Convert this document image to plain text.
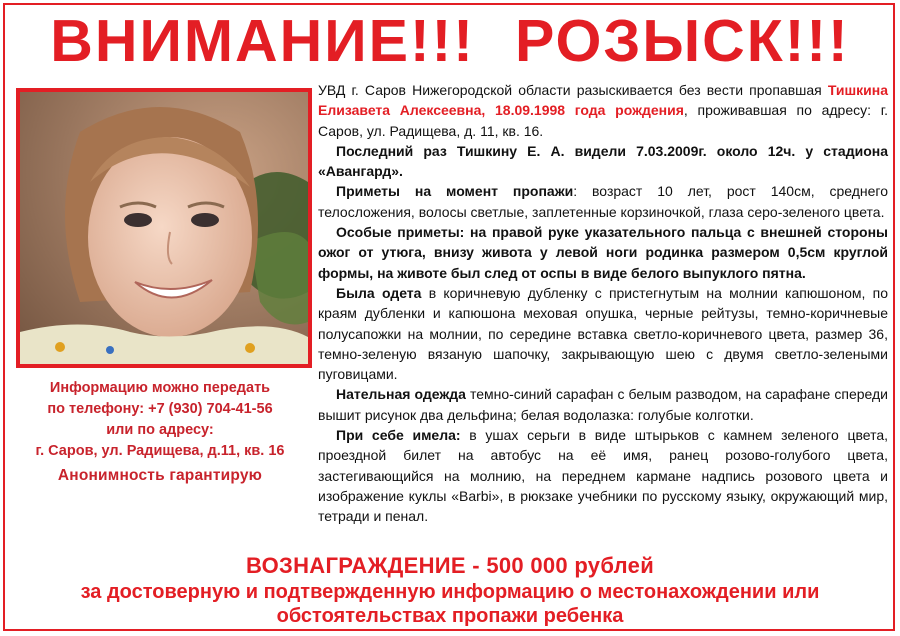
ВНИМАНИЕ!!! РОЗЫСК!!!
Информацию можно передать
по телефону: +7 (930) 704-41-56
или по адресу:
г. Саров, ул. Радищева, д.11, кв. 16
Анонимность гарантирую

УВД г. Саров Нижегородской области разыскивается без вести пропавшая Тишкина Елизавета Алексеевна, 18.09.1998 года рождения, проживавшая по адресу: г. Саров, ул. Радищева, д. 11, кв. 16.

Последний раз Тишкину Е. А. видели 7.03.2009г. около 12ч. у стадиона «Авангард».

Приметы на момент пропажи: возраст 10 лет, рост 140см, среднего телосложения, волосы светлые, заплетенные корзиночкой, глаза серо-зеленого цвета.

Особые приметы: на правой руке указательного пальца с внешней стороны ожог от утюга, внизу живота у левой ноги родинка размером 0,5см круглой формы, на животе был след от оспы в виде белого выпуклого пятна.

Была одета в коричневую дубленку с пристегнутым на молнии капюшоном, по краям дубленки и капюшона меховая опушка, черные рейтузы, темно-коричневые полусапожки на молнии, по середине вставка светло-коричневого цвета, размер 36, темно-зеленую вязаную шапочку, закрывающую шею с двумя светло-зелеными пуговицами.

Нательная одежда темно-синий сарафан с белым разводом, на сарафане спереди вышит рисунок два дельфина; белая водолазка: голубые колготки.

При себе имела: в ушах серьги в виде штырьков с камнем зеленого цвета, проездной билет на автобус на её имя, ранец розово-голубого цвета, застегивающийся на молнию, на переднем кармане надпись розового цвета и изображение куклы «Barbi», в рюкзаке учебники по русскому языку, окружающий мир, тетради и пенал.

ВОЗНАГРАЖДЕНИЕ - 500 000 рублей
за достоверную и подтвержденную информацию о местонахождении или
обстоятельствах пропажи ребенка
